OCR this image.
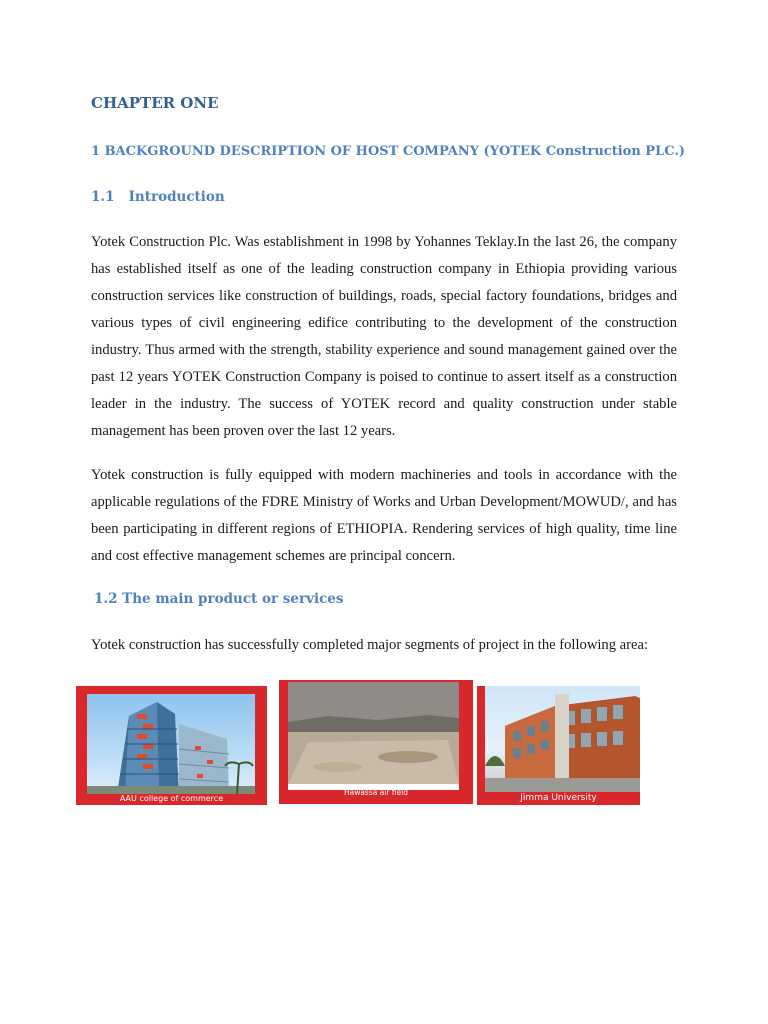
CHAPTER ONE
1 BACKGROUND DESCRIPTION OF HOST COMPANY (YOTEK Construction PLC.)
1.1   Introduction

Yotek Construction Plc. Was establishment in 1998 by Yohannes Teklay.In the last 26, the company has established itself as one of the leading construction company in Ethiopia providing various construction services like construction of buildings, roads, special factory foundations, bridges and various types of civil engineering edifice contributing to the development of the construction industry. Thus armed with the strength, stability experience and sound management gained over the past 12 years YOTEK Construction Company is poised to continue to assert itself as a construction leader in the industry. The success of YOTEK record and quality construction under stable management has been proven over the last 12 years.

Yotek construction is fully equipped with modern machineries and tools in accordance with the applicable regulations of the FDRE Ministry of Works and Urban Development/MOWUD/, and has been participating in different regions of ETHIOPIA. Rendering services of high quality, time line and cost effective management schemes are principal concern.

1.2 The main product or services

Yotek construction has successfully completed major segments of project in the following area:

AAU college of commerce
Hawassa air field
Jimma University
